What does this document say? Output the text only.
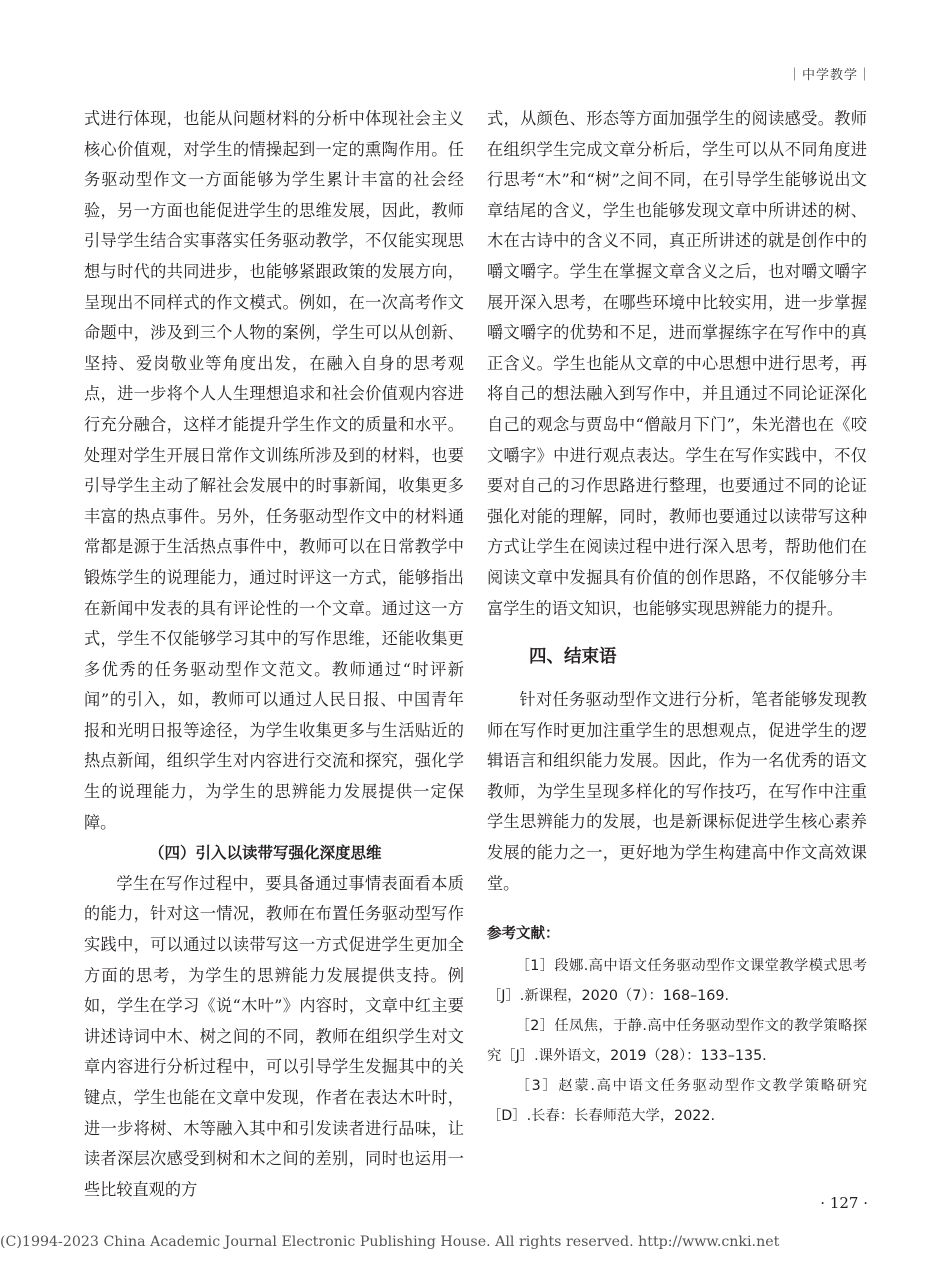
｜中学教学｜

式进行体现，也能从问题材料的分析中体现社会主义核心价值观，对学生的情操起到一定的熏陶作用。任务驱动型作文一方面能够为学生累计丰富的社会经验，另一方面也能促进学生的思维发展，因此，教师引导学生结合实事落实任务驱动教学，不仅能实现思想与时代的共同进步，也能够紧跟政策的发展方向，呈现出不同样式的作文模式。例如，在一次高考作文命题中，涉及到三个人物的案例，学生可以从创新、坚持、爱岗敬业等角度出发，在融入自身的思考观点，进一步将个人人生理想追求和社会价值观内容进行充分融合，这样才能提升学生作文的质量和水平。处理对学生开展日常作文训练所涉及到的材料，也要引导学生主动了解社会发展中的时事新闻，收集更多丰富的热点事件。另外，任务驱动型作文中的材料通常都是源于生活热点事件中，教师可以在日常教学中锻炼学生的说理能力，通过时评这一方式，能够指出在新闻中发表的具有评论性的一个文章。通过这一方式，学生不仅能够学习其中的写作思维，还能收集更多优秀的任务驱动型作文范文。教师通过“时评新闻”的引入，如，教师可以通过人民日报、中国青年报和光明日报等途径，为学生收集更多与生活贴近的热点新闻，组织学生对内容进行交流和探究，强化学生的说理能力，为学生的思辨能力发展提供一定保障。

（四）引入以读带写强化深度思维

学生在写作过程中，要具备通过事情表面看本质的能力，针对这一情况，教师在布置任务驱动型写作实践中，可以通过以读带写这一方式促进学生更加全方面的思考，为学生的思辨能力发展提供支持。例如，学生在学习《说“木叶”》内容时，文章中红主要讲述诗词中木、树之间的不同，教师在组织学生对文章内容进行分析过程中，可以引导学生发掘其中的关键点，学生也能在文章中发现，作者在表达木叶时，进一步将树、木等融入其中和引发读者进行品味，让读者深层次感受到树和木之间的差别，同时也运用一些比较直观的方

式，从颜色、形态等方面加强学生的阅读感受。教师在组织学生完成文章分析后，学生可以从不同角度进行思考“木”和“树”之间不同，在引导学生能够说出文章结尾的含义，学生也能够发现文章中所讲述的树、木在古诗中的含义不同，真正所讲述的就是创作中的嚼文嚼字。学生在掌握文章含义之后，也对嚼文嚼字展开深入思考，在哪些环境中比较实用，进一步掌握嚼文嚼字的优势和不足，进而掌握练字在写作中的真正含义。学生也能从文章的中心思想中进行思考，再将自己的想法融入到写作中，并且通过不同论证深化自己的观念与贾岛中“僧敲月下门”，朱光潜也在《咬文嚼字》中进行观点表达。学生在写作实践中，不仅要对自己的习作思路进行整理，也要通过不同的论证强化对能的理解，同时，教师也要通过以读带写这种方式让学生在阅读过程中进行深入思考，帮助他们在阅读文章中发掘具有价值的创作思路，不仅能够分丰富学生的语文知识，也能够实现思辨能力的提升。

四、结束语

针对任务驱动型作文进行分析，笔者能够发现教师在写作时更加注重学生的思想观点，促进学生的逻辑语言和组织能力发展。因此，作为一名优秀的语文教师，为学生呈现多样化的写作技巧，在写作中注重学生思辨能力的发展，也是新课标促进学生核心素养发展的能力之一，更好地为学生构建高中作文高效课堂。

参考文献：

［1］段娜.高中语文任务驱动型作文课堂教学模式思考［J］.新课程，2020（7）：168–169.

［2］任凤焦，于静.高中任务驱动型作文的教学策略探究［J］.课外语文，2019（28）：133–135.

［3］赵蒙.高中语文任务驱动型作文教学策略研究［D］.长春：长春师范大学，2022.

· 127 ·
(C)1994-2023 China Academic Journal Electronic Publishing House. All rights reserved. http://www.cnki.net
